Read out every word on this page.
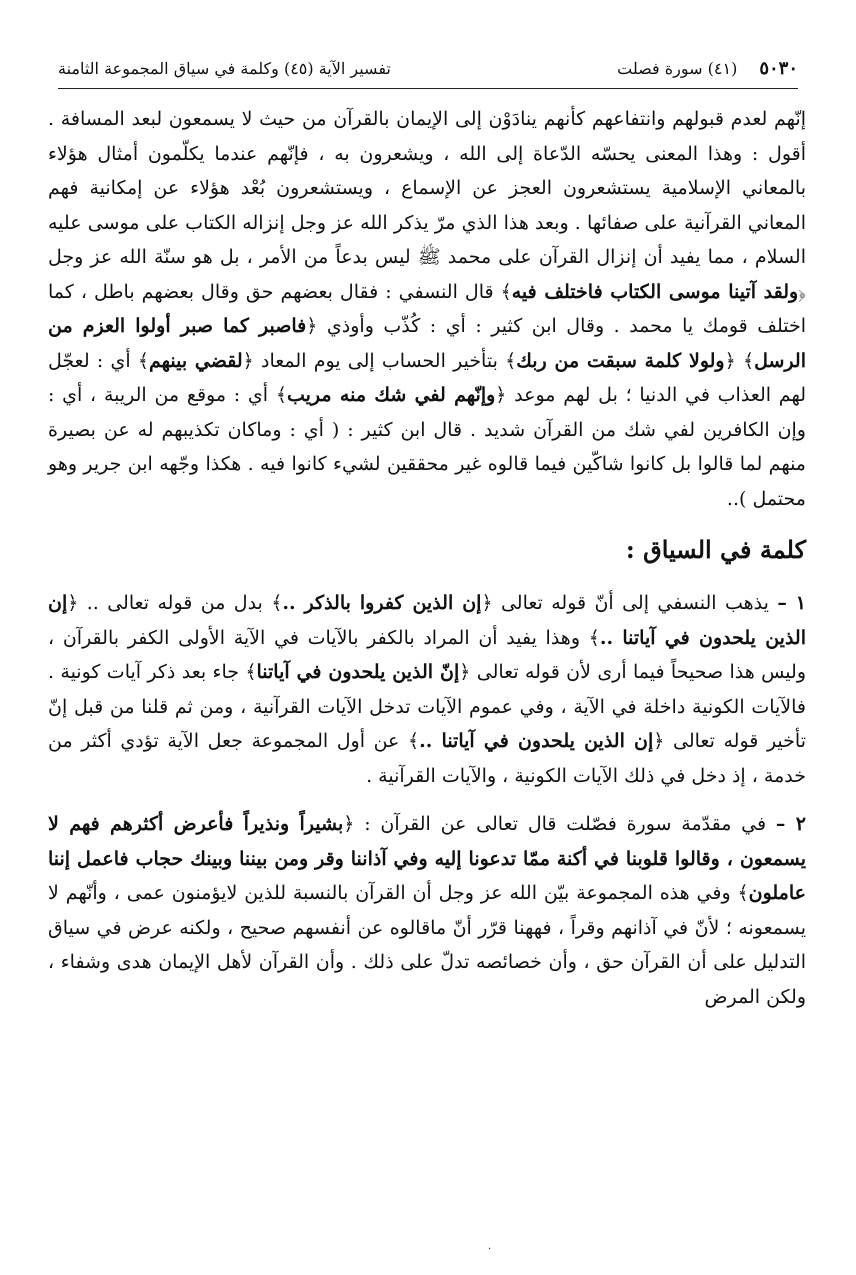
٥٠٣٠
(٤١) سورة فصلت
تفسير الآية (٤٥) وكلمة في سياق المجموعة الثامنة

إنّهم لعدم قبولهم وانتفاعهم كأنهم ينادَوْن إلى الإيمان بالقرآن من حيث لا يسمعون لبعد المسافة . أقول : وهذا المعنى يحسّه الدّعاة إلى الله ، ويشعرون به ، فإنّهم عندما يكلّمون أمثال هؤلاء بالمعاني الإسلامية يستشعرون العجز عن الإسماع ، ويستشعرون بُعْد هؤلاء عن إمكانية فهم المعاني القرآنية على صفائها . وبعد هذا الذي مرّ يذكر الله عز وجل إنزاله الكتاب على موسى عليه السلام ، مما يفيد أن إنزال القرآن على محمد ﷺ ليس بدعاً من الأمر ، بل هو سنّة الله عز وجل ﴿ولقد آتينا موسى الكتاب فاختلف فيه﴾ قال النسفي : فقال بعضهم حق وقال بعضهم باطل ، كما اختلف قومك يا محمد . وقال ابن كثير : أي : كُذّب وأوذي ﴿فاصبر كما صبر أولوا العزم من الرسل﴾ ﴿ولولا كلمة سبقت من ربك﴾ بتأخير الحساب إلى يوم المعاد ﴿لقضي بينهم﴾ أي : لعجّل لهم العذاب في الدنيا ؛ بل لهم موعد ﴿وإنّهم لفي شك منه مريب﴾ أي : موقع من الريبة ، أي : وإن الكافرين لفي شك من القرآن شديد . قال ابن كثير : ( أي : وماكان تكذيبهم له عن بصيرة منهم لما قالوا بل كانوا شاكّين فيما قالوه غير محققين لشيء كانوا فيه . هكذا وجّهه ابن جرير وهو محتمل )..

كلمة في السياق :

١ – يذهب النسفي إلى أنّ قوله تعالى ﴿إن الذين كفروا بالذكر ..﴾ بدل من قوله تعالى .. ﴿إن الذين يلحدون في آياتنا ..﴾ وهذا يفيد أن المراد بالكفر بالآيات في الآية الأولى الكفر بالقرآن ، وليس هذا صحيحاً فيما أرى لأن قوله تعالى ﴿إنّ الذين يلحدون في آياتنا﴾ جاء بعد ذكر آيات كونية . فالآيات الكونية داخلة في الآية ، وفي عموم الآيات تدخل الآيات القرآنية ، ومن ثم قلنا من قبل إنّ تأخير قوله تعالى ﴿إن الذين يلحدون في آياتنا ..﴾ عن أول المجموعة جعل الآية تؤدي أكثر من خدمة ، إذ دخل في ذلك الآيات الكونية ، والآيات القرآنية .

٢ – في مقدّمة سورة فصّلت قال تعالى عن القرآن : ﴿بشيراً ونذيراً فأعرض أكثرهم فهم لا يسمعون ، وقالوا قلوبنا في أكنة ممّا تدعونا إليه وفي آذاننا وقر ومن بيننا وبينك حجاب فاعمل إننا عاملون﴾ وفي هذه المجموعة بيّن الله عز وجل أن القرآن بالنسبة للذين لايؤمنون عمى ، وأنّهم لا يسمعونه ؛ لأنّ في آذانهم وقراً ، فههنا قرّر أنّ ماقالوه عن أنفسهم صحيح ، ولكنه عرض في سياق التدليل على أن القرآن حق ، وأن خصائصه تدلّ على ذلك . وأن القرآن لأهل الإيمان هدى وشفاء ، ولكن المرض

·
